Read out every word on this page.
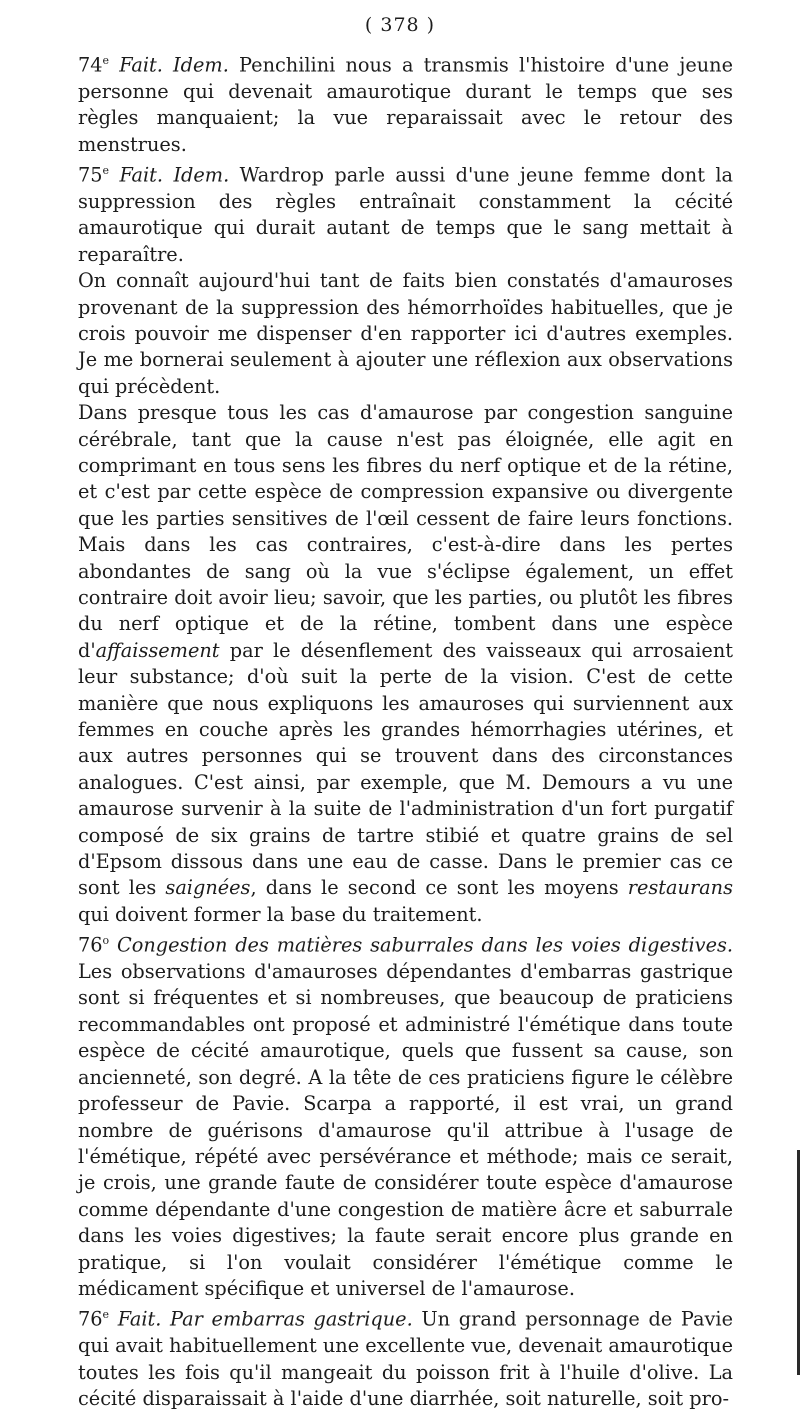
( 378 )

74e Fait. Idem. Penchilini nous a transmis l'histoire d'une jeune personne qui devenait amaurotique durant le temps que ses règles manquaient; la vue reparaissait avec le retour des menstrues.

75e Fait. Idem. Wardrop parle aussi d'une jeune femme dont la suppression des règles entraînait constamment la cécité amaurotique qui durait autant de temps que le sang mettait à reparaître.

On connaît aujourd'hui tant de faits bien constatés d'amauroses provenant de la suppression des hémorrhoïdes habituelles, que je crois pouvoir me dispenser d'en rapporter ici d'autres exemples. Je me bornerai seulement à ajouter une réflexion aux observations qui précèdent.

Dans presque tous les cas d'amaurose par congestion sanguine cérébrale, tant que la cause n'est pas éloignée, elle agit en comprimant en tous sens les fibres du nerf optique et de la rétine, et c'est par cette espèce de compression expansive ou divergente que les parties sensitives de l'œil cessent de faire leurs fonctions. Mais dans les cas contraires, c'est-à-dire dans les pertes abondantes de sang où la vue s'éclipse également, un effet contraire doit avoir lieu; savoir, que les parties, ou plutôt les fibres du nerf optique et de la rétine, tombent dans une espèce d'affaissement par le désenflement des vaisseaux qui arrosaient leur substance; d'où suit la perte de la vision. C'est de cette manière que nous expliquons les amauroses qui surviennent aux femmes en couche après les grandes hémorrhagies utérines, et aux autres personnes qui se trouvent dans des circonstances analogues. C'est ainsi, par exemple, que M. Demours a vu une amaurose survenir à la suite de l'administration d'un fort purgatif composé de six grains de tartre stibié et quatre grains de sel d'Epsom dissous dans une eau de casse. Dans le premier cas ce sont les saignées, dans le second ce sont les moyens restaurans qui doivent former la base du traitement.

76$^o$ Congestion des matières saburrales dans les voies digestives. Les observations d'amauroses dépendantes d'embarras gastrique sont si fréquentes et si nombreuses, que beaucoup de praticiens recommandables ont proposé et administré l'émétique dans toute espèce de cécité amaurotique, quels que fussent sa cause, son ancienneté, son degré. A la tête de ces praticiens figure le célèbre professeur de Pavie. Scarpa a rapporté, il est vrai, un grand nombre de guérisons d'amaurose qu'il attribue à l'usage de l'émétique, répété avec persévérance et méthode; mais ce serait, je crois, une grande faute de considérer toute espèce d'amaurose comme dépendante d'une congestion de matière âcre et saburrale dans les voies digestives; la faute serait encore plus grande en pratique, si l'on voulait considérer l'émétique comme le médicament spécifique et universel de l'amaurose.

76e Fait. Par embarras gastrique. Un grand personnage de Pavie qui avait habituellement une excellente vue, devenait amaurotique toutes les fois qu'il mangeait du poisson frit à l'huile d'olive. La cécité disparaissait à l'aide d'une diarrhée, soit naturelle, soit pro-
